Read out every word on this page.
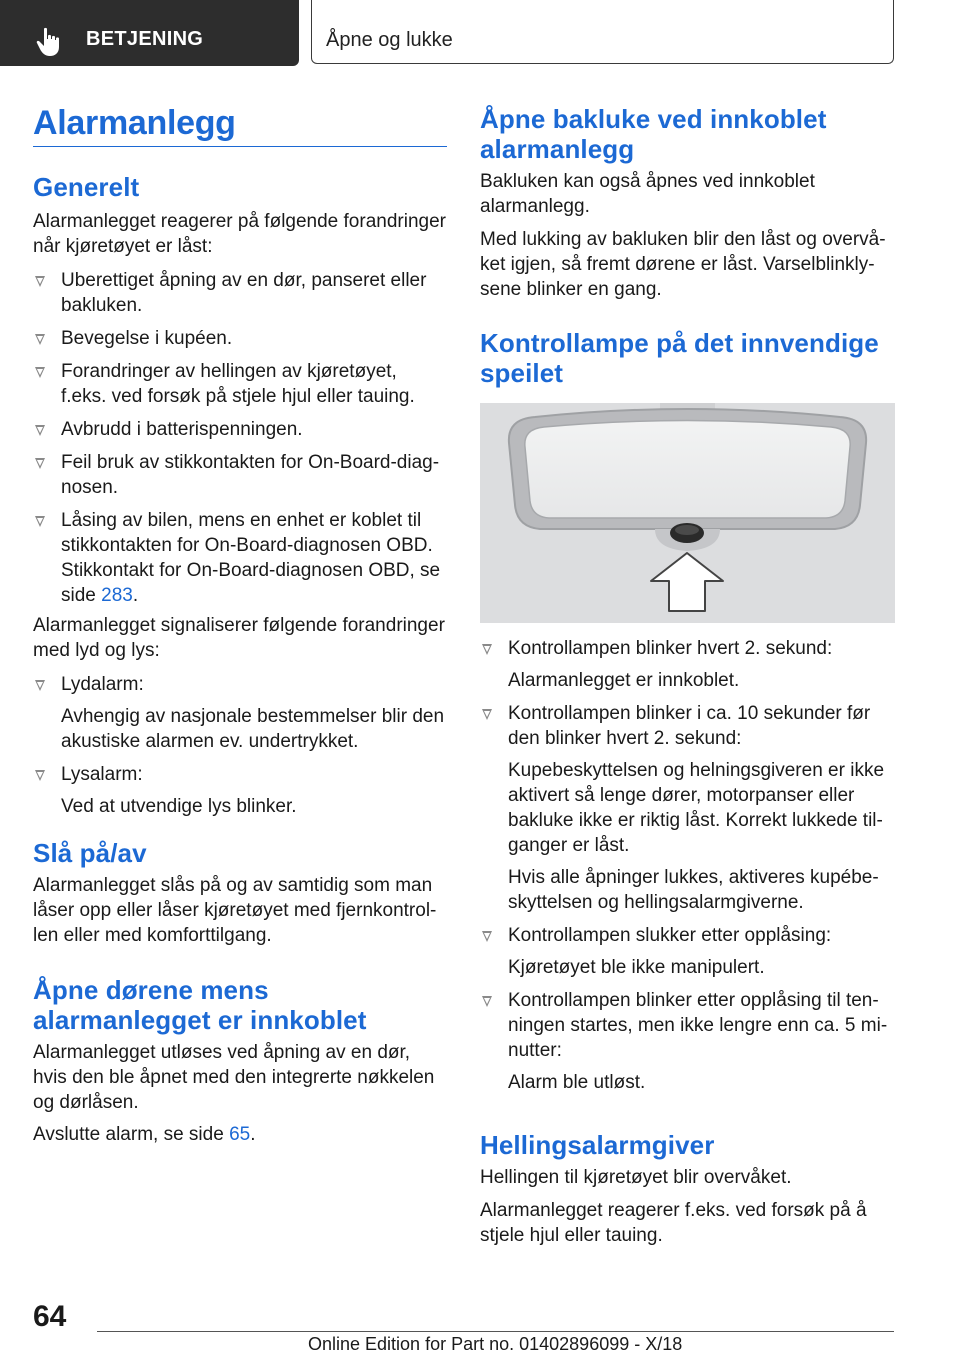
BETJENING	Åpne og lukke
Alarmanlegg
Generelt

Alarmanlegget reagerer på følgende forandringer når kjøretøyet er låst:

Uberettiget åpning av en dør, panseret eller bakluken.
Bevegelse i kupéen.
Forandringer av hellingen av kjøretøyet, f.eks. ved forsøk på stjele hjul eller tauing.
Avbrudd i batterispenningen.
Feil bruk av stikkontakten for On-Board-diagnosen.
Låsing av bilen, mens en enhet er koblet til stikkontakten for On-Board-diagnosen OBD. Stikkontakt for On-Board-diagnosen OBD, se side 283.

Alarmanlegget signaliserer følgende forandringer med lyd og lys:

Lydalarm:
Avhengig av nasjonale bestemmelser blir den akustiske alarmen ev. undertrykket.
Lysalarm:
Ved at utvendige lys blinker.
Slå på/av

Alarmanlegget slås på og av samtidig som man låser opp eller låser kjøretøyet med fjernkontrollen eller med komforttilgang.

Åpne dørene mens alarmanlegget er innkoblet

Alarmanlegget utløses ved åpning av en dør, hvis den ble åpnet med den integrerte nøkkelen og dørlåsen.

Avslutte alarm, se side 65.

Åpne bakluke ved innkoblet alarmanlegg

Bakluken kan også åpnes ved innkoblet alarmanlegg.

Med lukking av bakluken blir den låst og overvåket igjen, så fremt dørene er låst. Varselblinklysene blinker en gang.

Kontrollampe på det innvendige speilet
Kontrollampen blinker hvert 2. sekund:
Alarmanlegget er innkoblet.
Kontrollampen blinker i ca. 10 sekunder før den blinker hvert 2. sekund:
Kupebeskyttelsen og helningsgiveren er ikke aktivert så lenge dører, motorpanser eller bakluke ikke er riktig låst. Korrekt lukkede tilganger er låst.
Hvis alle åpninger lukkes, aktiveres kupébeskyttelsen og hellingsalarmgiverne.
Kontrollampen slukker etter opplåsing:
Kjøretøyet ble ikke manipulert.
Kontrollampen blinker etter opplåsing til tenningen startes, men ikke lengre enn ca. 5 minutter:
Alarm ble utløst.
Hellingsalarmgiver

Hellingen til kjøretøyet blir overvåket.

Alarmanlegget reagerer f.eks. ved forsøk på å stjele hjul eller tauing.

64
Online Edition for Part no. 01402896099 - X/18
